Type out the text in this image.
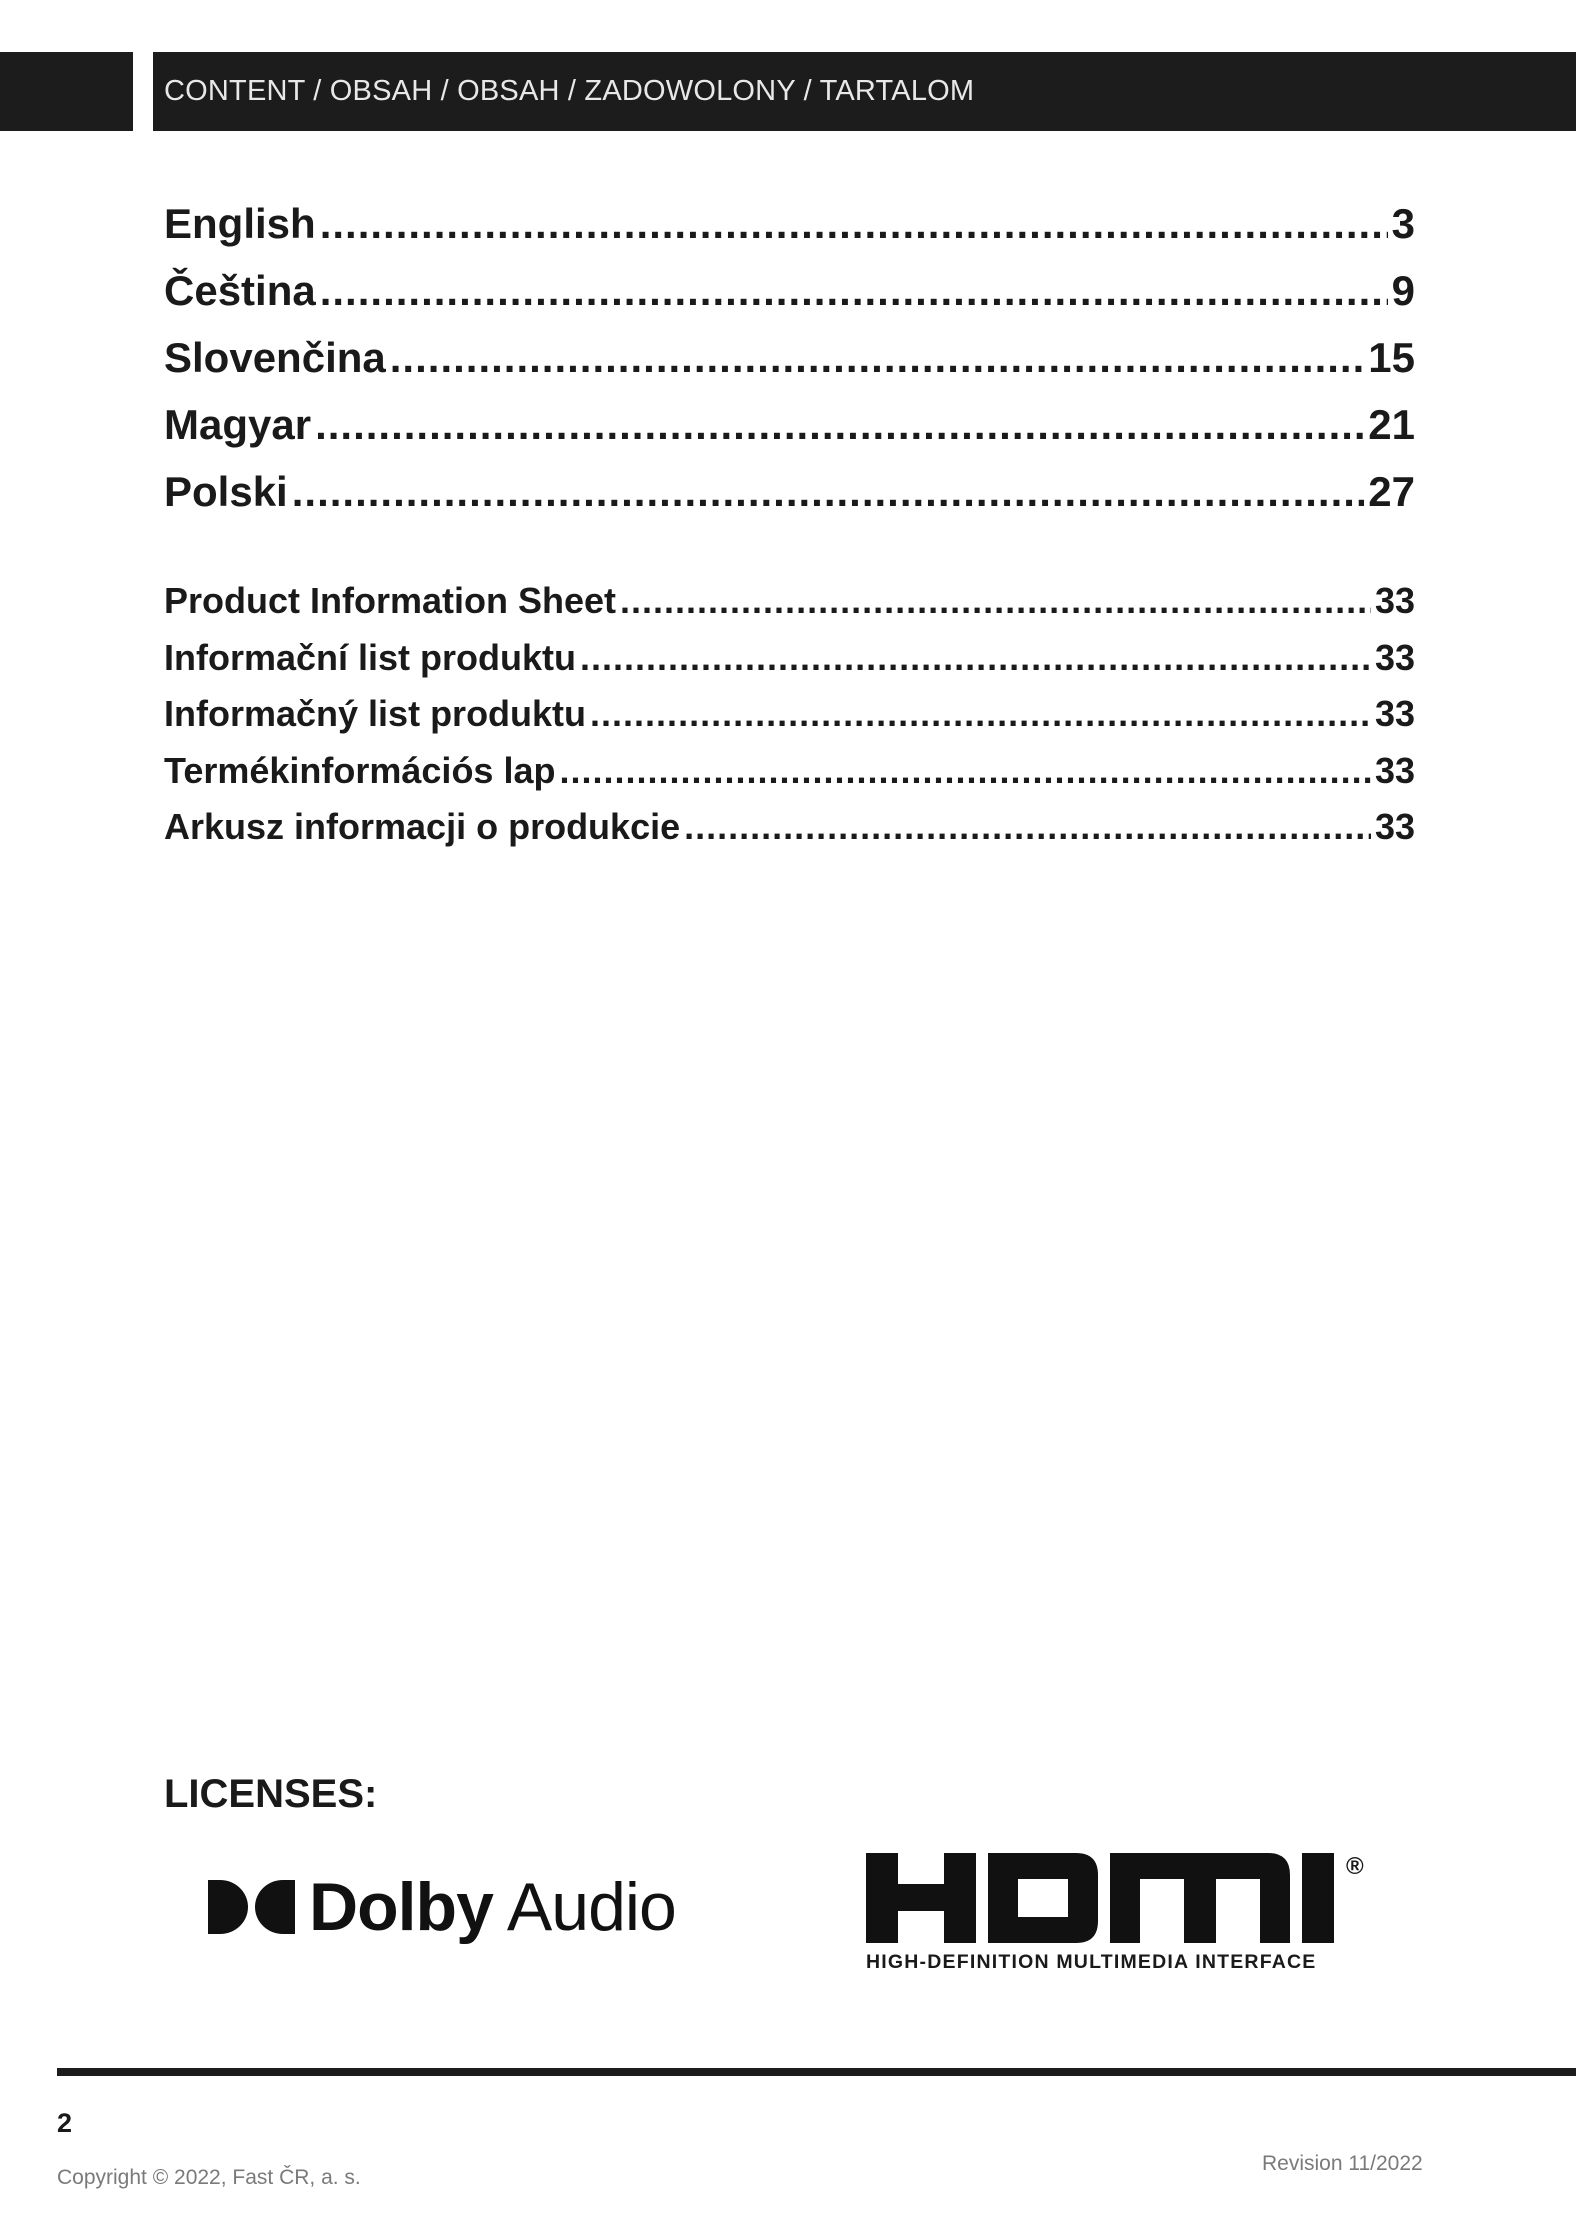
CONTENT / OBSAH / OBSAH / ZADOWOLONY / TARTALOM
English .....	3
Čeština .....	9
Slovenčina .....	15
Magyar .....	21
Polski .....	27
Product Information Sheet .....	33
Informační list produktu .....	33
Informačný list produktu .....	33
Termékinformációs lap .....	33
Arkusz informacji o produkcie .....	33
LICENSES:
Dolby Audio
®
HIGH-DEFINITION MULTIMEDIA INTERFACE
2
Copyright © 2022, Fast ČR, a. s.
Revision 11/2022
